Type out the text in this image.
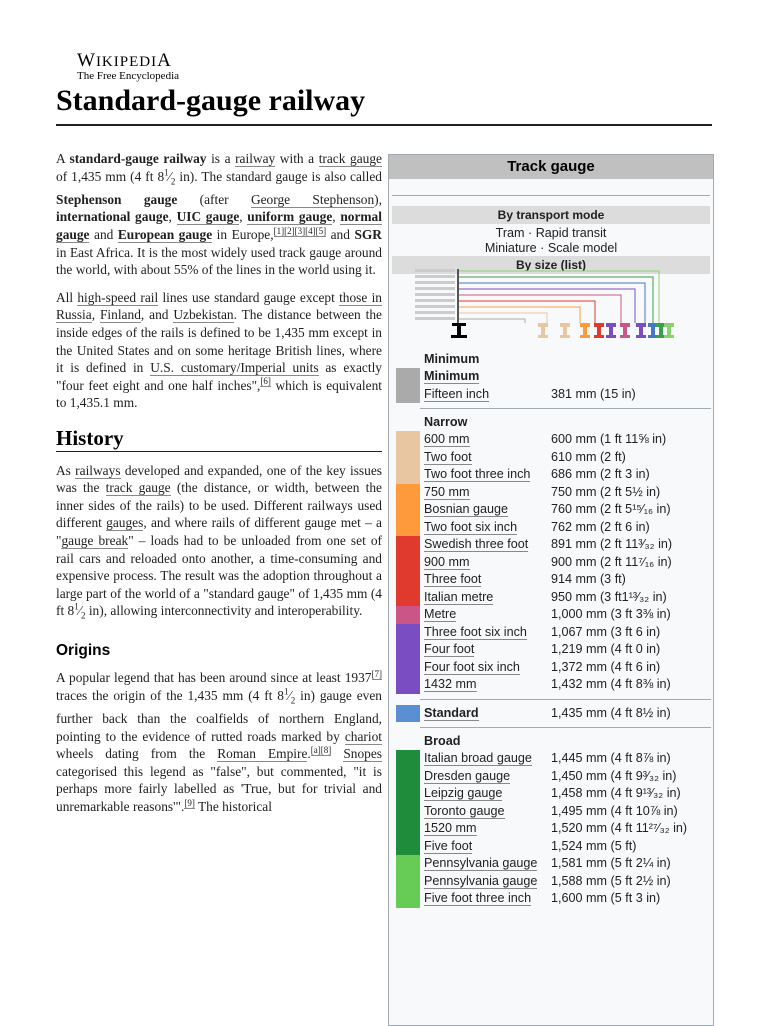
WIKIPEDIA
The Free Encyclopedia
Standard-gauge railway

A standard-gauge railway is a railway with a track gauge of 1,435 mm (4 ft $8^1⁄_2$ in). The standard gauge is also called Stephenson gauge (after George Stephenson), international gauge, UIC gauge, uniform gauge, normal gauge and European gauge in Europe,[1][2][3][4][5] and SGR in East Africa. It is the most widely used track gauge around the world, with about 55% of the lines in the world using it.

All high-speed rail lines use standard gauge except those in Russia, Finland, and Uzbekistan. The distance between the inside edges of the rails is defined to be 1,435 mm except in the United States and on some heritage British lines, where it is defined in U.S. customary/Imperial units as exactly "four feet eight and one half inches",[6] which is equivalent to 1,435.1 mm.

History

As railways developed and expanded, one of the key issues was the track gauge (the distance, or width, between the inner sides of the rails) to be used. Different railways used different gauges, and where rails of different gauge met – a "gauge break" – loads had to be unloaded from one set of rail cars and reloaded onto another, a time-consuming and expensive process. The result was the adoption throughout a large part of the world of a "standard gauge" of 1,435 mm (4 ft $8^1⁄_2$ in), allowing interconnectivity and interoperability.

Origins

A popular legend that has been around since at least 1937[7] traces the origin of the 1,435 mm (4 ft $8^1⁄_2$ in) gauge even further back than the coalfields of northern England, pointing to the evidence of rutted roads marked by chariot wheels dating from the Roman Empire.[a][8] Snopes categorised this legend as "false", but commented, "it is perhaps more fairly labelled as 'True, but for trivial and unremarkable reasons'".[9] The historical

Track gauge
By transport mode
Tram · Rapid transit
Miniature · Scale model
By size (list)
Minimum
Minimum
Fifteen inch	381 mm (15 in)
Narrow
600 mm	600 mm (1 ft 11⅝ in)
Two foot	610 mm (2 ft)
Two foot three inch 686 mm (2 ft 3 in)
750 mm	750 mm (2 ft 5½ in)
Bosnian gauge	760 mm (2 ft 5¹⁵⁄₁₆ in)
Two foot six inch	762 mm (2 ft 6 in)
Swedish three foot 891 mm (2 ft 11³⁄₃₂ in)
900 mm	900 mm (2 ft 11⁷⁄₁₆ in)
Three foot	914 mm (3 ft)
Italian metre	950 mm (3 ft1¹³⁄₃₂ in)
Metre	1,000 mm (3 ft 3⅜ in)
Three foot six inch 1,067 mm (3 ft 6 in)
Four foot	1,219 mm (4 ft 0 in)
Four foot six inch 1,372 mm (4 ft 6 in)
1432 mm	1,432 mm (4 ft 8⅜ in)
Standard	1,435 mm (4 ft 8½ in)
Broad
Italian broad gauge 1,445 mm (4 ft 8⅞ in)
Dresden gauge	1,450 mm (4 ft 9³⁄₃₂ in)
Leipzig gauge	1,458 mm (4 ft 9¹³⁄₃₂ in)
Toronto gauge	1,495 mm (4 ft 10⅞ in)
1520 mm	1,520 mm (4 ft 11²⁷⁄₃₂ in)
Five foot	1,524 mm (5 ft)
Pennsylvania gauge 1,581 mm (5 ft 2¼ in)
Pennsylvania gauge 1,588 mm (5 ft 2½ in)
Five foot three inch 1,600 mm (5 ft 3 in)
